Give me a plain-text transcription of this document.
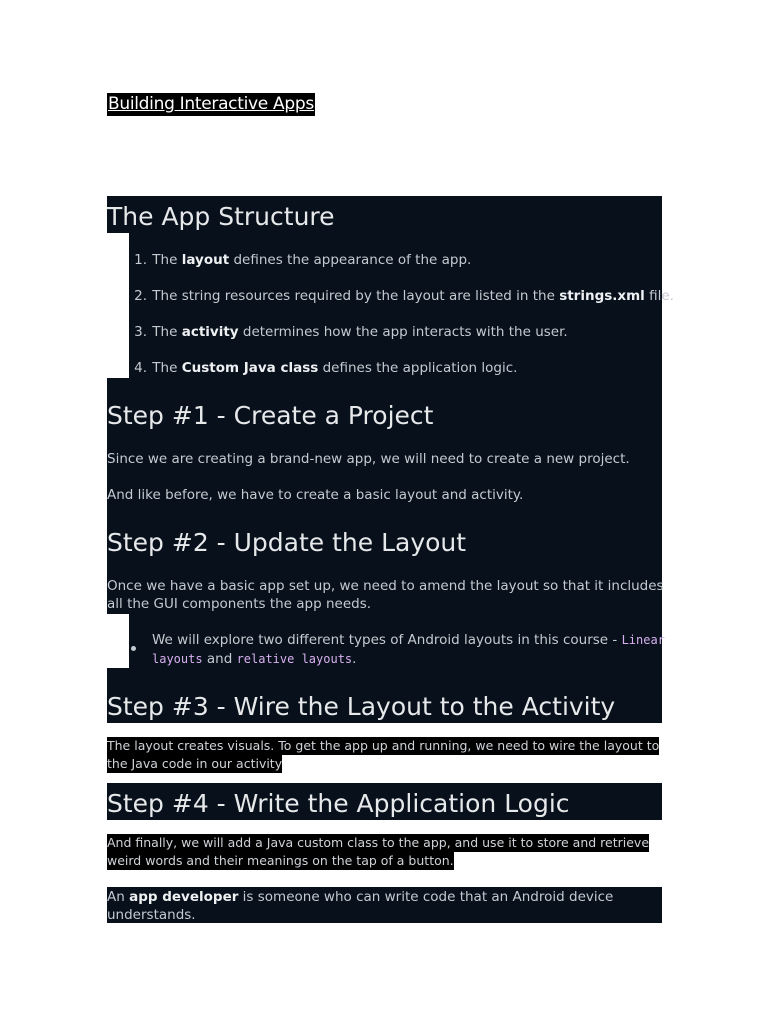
Building Interactive Apps
The App Structure
1. The layout defines the appearance of the app.
2. The string resources required by the layout are listed in the strings.xml file.
3. The activity determines how the app interacts with the user.
4. The Custom Java class defines the application logic.
Step #1 - Create a Project
Since we are creating a brand-new app, we will need to create a new project.
And like before, we have to create a basic layout and activity.
Step #2 - Update the Layout
Once we have a basic app set up, we need to amend the layout so that it includes
all the GUI components the app needs.
We will explore two different types of Android layouts in this course - Linear
layouts and relative layouts.
Step #3 - Wire the Layout to the Activity
The layout creates visuals. To get the app up and running, we need to wire the layout to
the Java code in our activity
Step #4 - Write the Application Logic
And finally, we will add a Java custom class to the app, and use it to store and retrieve
weird words and their meanings on the tap of a button.
An app developer is someone who can write code that an Android device
understands.
